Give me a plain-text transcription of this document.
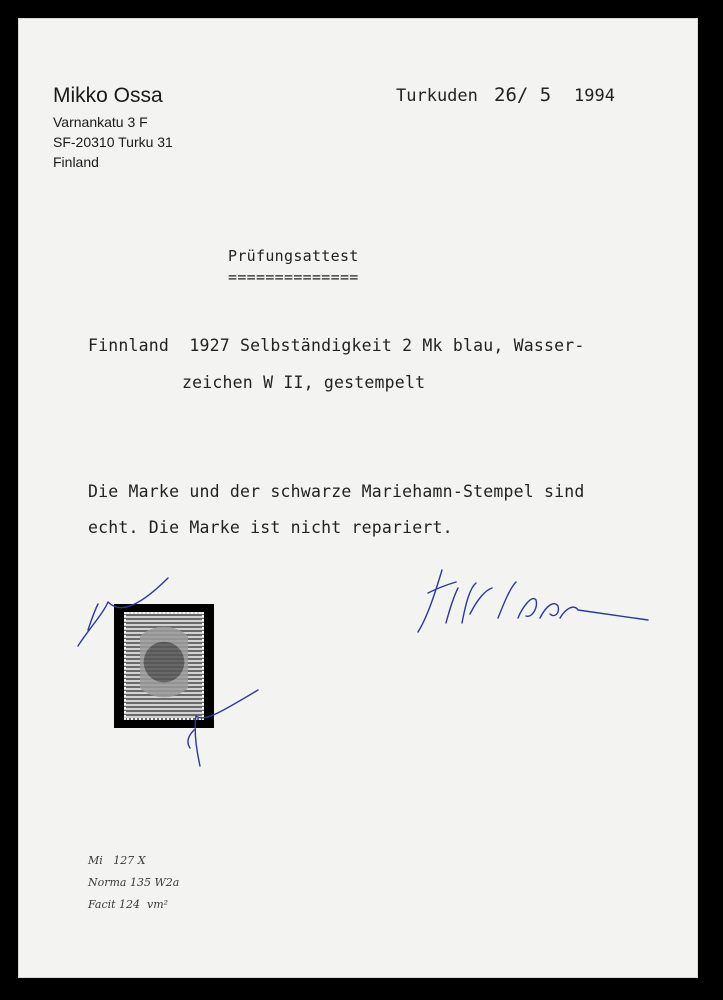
Mikko Ossa
Varnankatu 3 F
SF-20310 Turku 31
Finland
Turkuden 26/ 5 1994
Prüfungsattest
==============
Finnland  1927 Selbständigkeit 2 Mk blau, Wasser-
zeichen W II, gestempelt
Die Marke und der schwarze Mariehamn-Stempel sind
echt. Die Marke ist nicht repariert.
Mi   127 X
Norma 135 W2a
Facit 124  vm²
